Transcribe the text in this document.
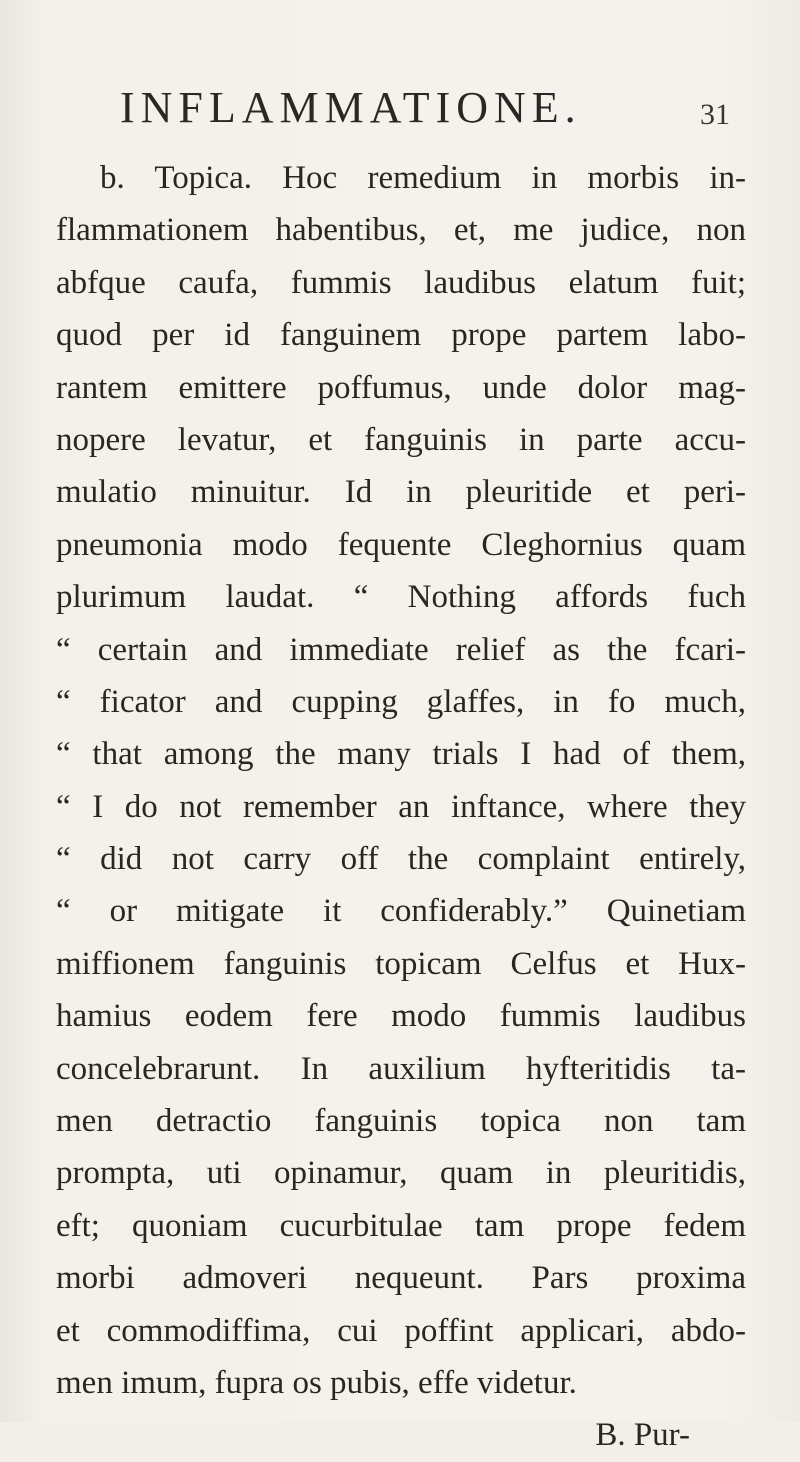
INFLAMMATIONE.	31
b. Topica. Hoc remedium in morbis in-
flammationem habentibus, et, me judice, non
abfque caufa, fummis laudibus elatum fuit;
quod per id fanguinem prope partem labo-
rantem emittere poffumus, unde dolor mag-
nopere levatur, et fanguinis in parte accu-
mulatio minuitur. Id in pleuritide et peri-
pneumonia modo fequente Cleghornius quam
plurimum laudat. “ Nothing affords fuch
“ certain and immediate relief as the fcari-
“ ficator and cupping glaffes, in fo much,
“ that among the many trials I had of them,
“ I do not remember an inftance, where they
“ did not carry off the complaint entirely,
“ or mitigate it confiderably.” Quinetiam
miffionem fanguinis topicam Celfus et Hux-
hamius eodem fere modo fummis laudibus
concelebrarunt. In auxilium hyfteritidis ta-
men detractio fanguinis topica non tam
prompta, uti opinamur, quam in pleuritidis,
eft; quoniam cucurbitulae tam prope fedem
morbi admoveri nequeunt. Pars proxima
et commodiffima, cui poffint applicari, abdo-
men imum, fupra os pubis, effe videtur.
B. Pur-
